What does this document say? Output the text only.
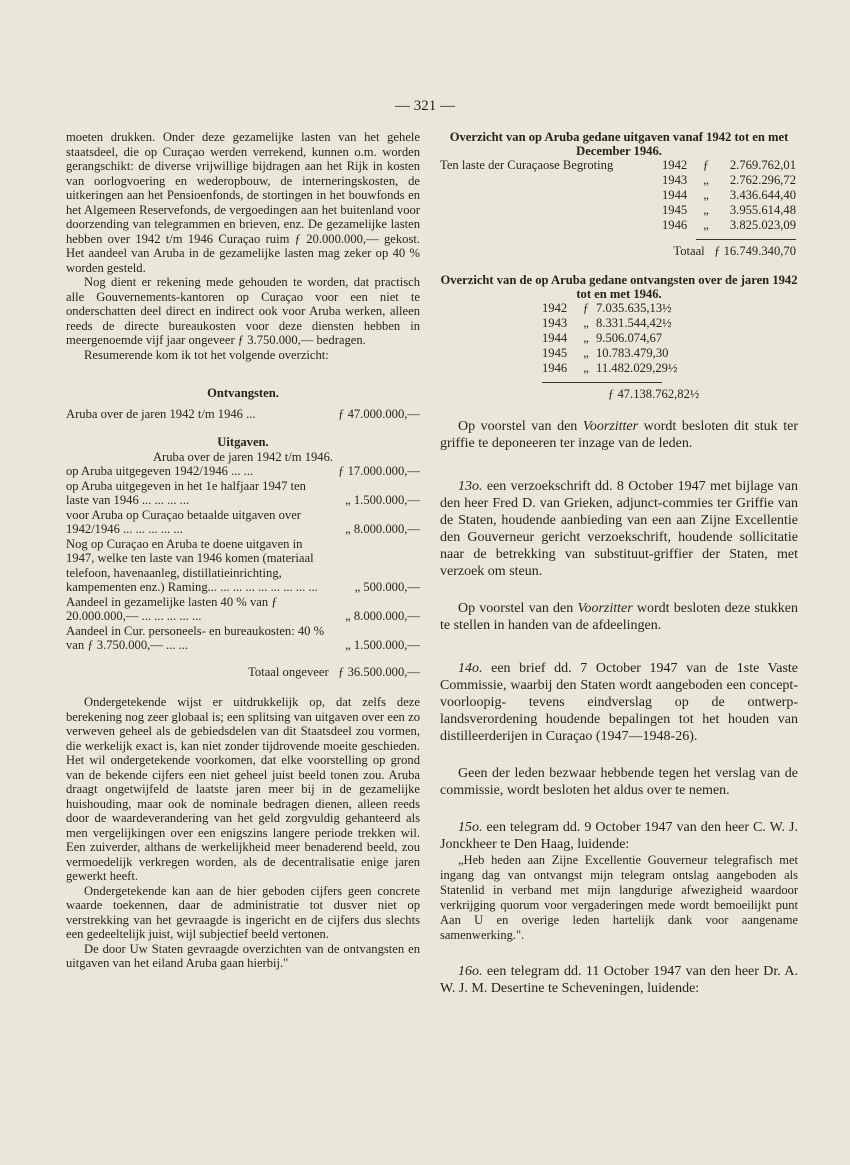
— 321 —

moeten drukken. Onder deze gezamelijke lasten van het gehele staatsdeel, die op Curaçao werden verrekend, kunnen o.m. worden gerangschikt: de diverse vrijwillige bijdragen aan het Rijk in kosten van oorlogvoering en wederopbouw, de interneringskosten, de uitkeringen aan het Pensioenfonds, de stortingen in het bouwfonds en het Algemeen Reservefonds, de vergoedingen aan het buitenland voor doorzending van telegrammen en brieven, enz. De gezamelijke lasten hebben over 1942 t/m 1946 Curaçao ruim ƒ 20.000.000,— gekost. Het aandeel van Aruba in de gezamelijke lasten mag zeker op 40 % worden gesteld.

Nog dient er rekening mede gehouden te worden, dat practisch alle Gouvernements-kantoren op Curaçao voor een niet te onderschatten deel direct en indirect ook voor Aruba werken, alleen reeds de directe bureaukosten voor deze diensten hebben in meergenoemde vijf jaar ongeveer ƒ 3.750.000,— bedragen.

Resumerende kom ik tot het volgende overzicht:

Ontvangsten.
Aruba over de jaren 1942 t/m 1946 ...	ƒ 47.000.000,—
Uitgaven.
Aruba over de jaren 1942 t/m 1946.
op Aruba uitgegeven 1942/1946 ... ...	ƒ 17.000.000,—
op Aruba uitgegeven in het 1e halfjaar 1947 ten laste van 1946 ... ... ... ...	„ 1.500.000,—
voor Aruba op Curaçao betaalde uitgaven over 1942/1946 ... ... ... ... ...	„ 8.000.000,—
Nog op Curaçao en Aruba te doene uitgaven in 1947, welke ten laste van 1946 komen (materiaal telefoon, havenaanleg, distillatieinrichting, kampementen enz.) Raming... ... ... ... ... ... ... ... ...	„ 500.000,—
Aandeel in gezamelijke lasten 40 % van ƒ 20.000.000,— ... ... ... ... ...	„ 8.000.000,—
Aandeel in Cur. personeels- en bureaukosten: 40 % van ƒ 3.750.000,— ... ...	„ 1.500.000,—
Totaal ongeveer ƒ 36.500.000,—

Ondergetekende wijst er uitdrukkelijk op, dat zelfs deze berekening nog zeer globaal is; een splitsing van uitgaven over een zo verweven geheel als de gebiedsdelen van dit Staatsdeel zou vormen, die werkelijk exact is, kan niet zonder tijdrovende moeite geschieden. Het wil ondergetekende voorkomen, dat elke voorstelling op grond van de bekende cijfers een niet geheel juist beeld tonen zou. Aruba draagt ongetwijfeld de laatste jaren meer bij in de gezamelijke huishouding, maar ook de nominale bedragen dienen, alleen reeds door de waardeverandering van het geld zorgvuldig gehanteerd als men vergelijkingen over een enigszins langere periode trekken wil. Een zuiverder, althans de werkelijkheid meer benaderend beeld, zou vermoedelijk verkregen worden, als de decentralisatie enige jaren gewerkt heeft.

Ondergetekende kan aan de hier geboden cijfers geen concrete waarde toekennen, daar de administratie tot dusver niet op verstrekking van het gevraagde is ingericht en de cijfers dus slechts een gedeeltelijk juist, wijl subjectief beeld vertonen.

De door Uw Staten gevraagde overzichten van de ontvangsten en uitgaven van het eiland Aruba gaan hierbij."

Overzicht van op Aruba gedane uitgaven vanaf 1942 tot en met December 1946.

Ten laste der Curaçaose Begroting	1942	ƒ	2.769.762,01
1943	„	2.762.296,72
1944	„	3.436.644,40
1945	„	3.955.614,48
1946	„	3.825.023,09
Totaal ƒ 16.749.340,70

Overzicht van de op Aruba gedane ontvangsten over de jaren 1942 tot en met 1946.

1942	ƒ 7.035.635,13½
1943	„ 8.331.544,42½
1944	„ 9.506.074,67
1945	„ 10.783.479,30
1946	„ 11.482.029,29½
ƒ 47.138.762,82½

Op voorstel van den Voorzitter wordt besloten dit stuk ter griffie te deponeeren ter inzage van de leden.

13o. een verzoekschrift dd. 8 October 1947 met bijlage van den heer Fred D. van Grieken, adjunct-commies ter Griffie van de Staten, houdende aanbieding van een aan Zijne Excellentie den Gouverneur gericht verzoekschrift, houdende sollicitatie naar de betrekking van substituut-griffier der Staten, met verzoek om steun.

Op voorstel van den Voorzitter wordt besloten deze stukken te stellen in handen van de afdeelingen.

14o. een brief dd. 7 October 1947 van de 1ste Vaste Commissie, waarbij den Staten wordt aangeboden een concept-voorloopig- tevens eindverslag op de ontwerp-landsverordening houdende bepalingen tot het houden van distilleerderijen in Curaçao (1947—1948-26).

Geen der leden bezwaar hebbende tegen het verslag van de commissie, wordt besloten het aldus over te nemen.

15o. een telegram dd. 9 October 1947 van den heer C. W. J. Jonckheer te Den Haag, luidende:

„Heb heden aan Zijne Excellentie Gouverneur telegrafisch met ingang dag van ontvangst mijn telegram ontslag aangeboden als Statenlid in verband met mijn langdurige afwezigheid waardoor verkrijging quorum voor vergaderingen mede wordt bemoeilijkt punt Aan U en overige leden hartelijk dank voor aangename samenwerking.".

16o. een telegram dd. 11 October 1947 van den heer Dr. A. W. J. M. Desertine te Scheveningen, luidende:
